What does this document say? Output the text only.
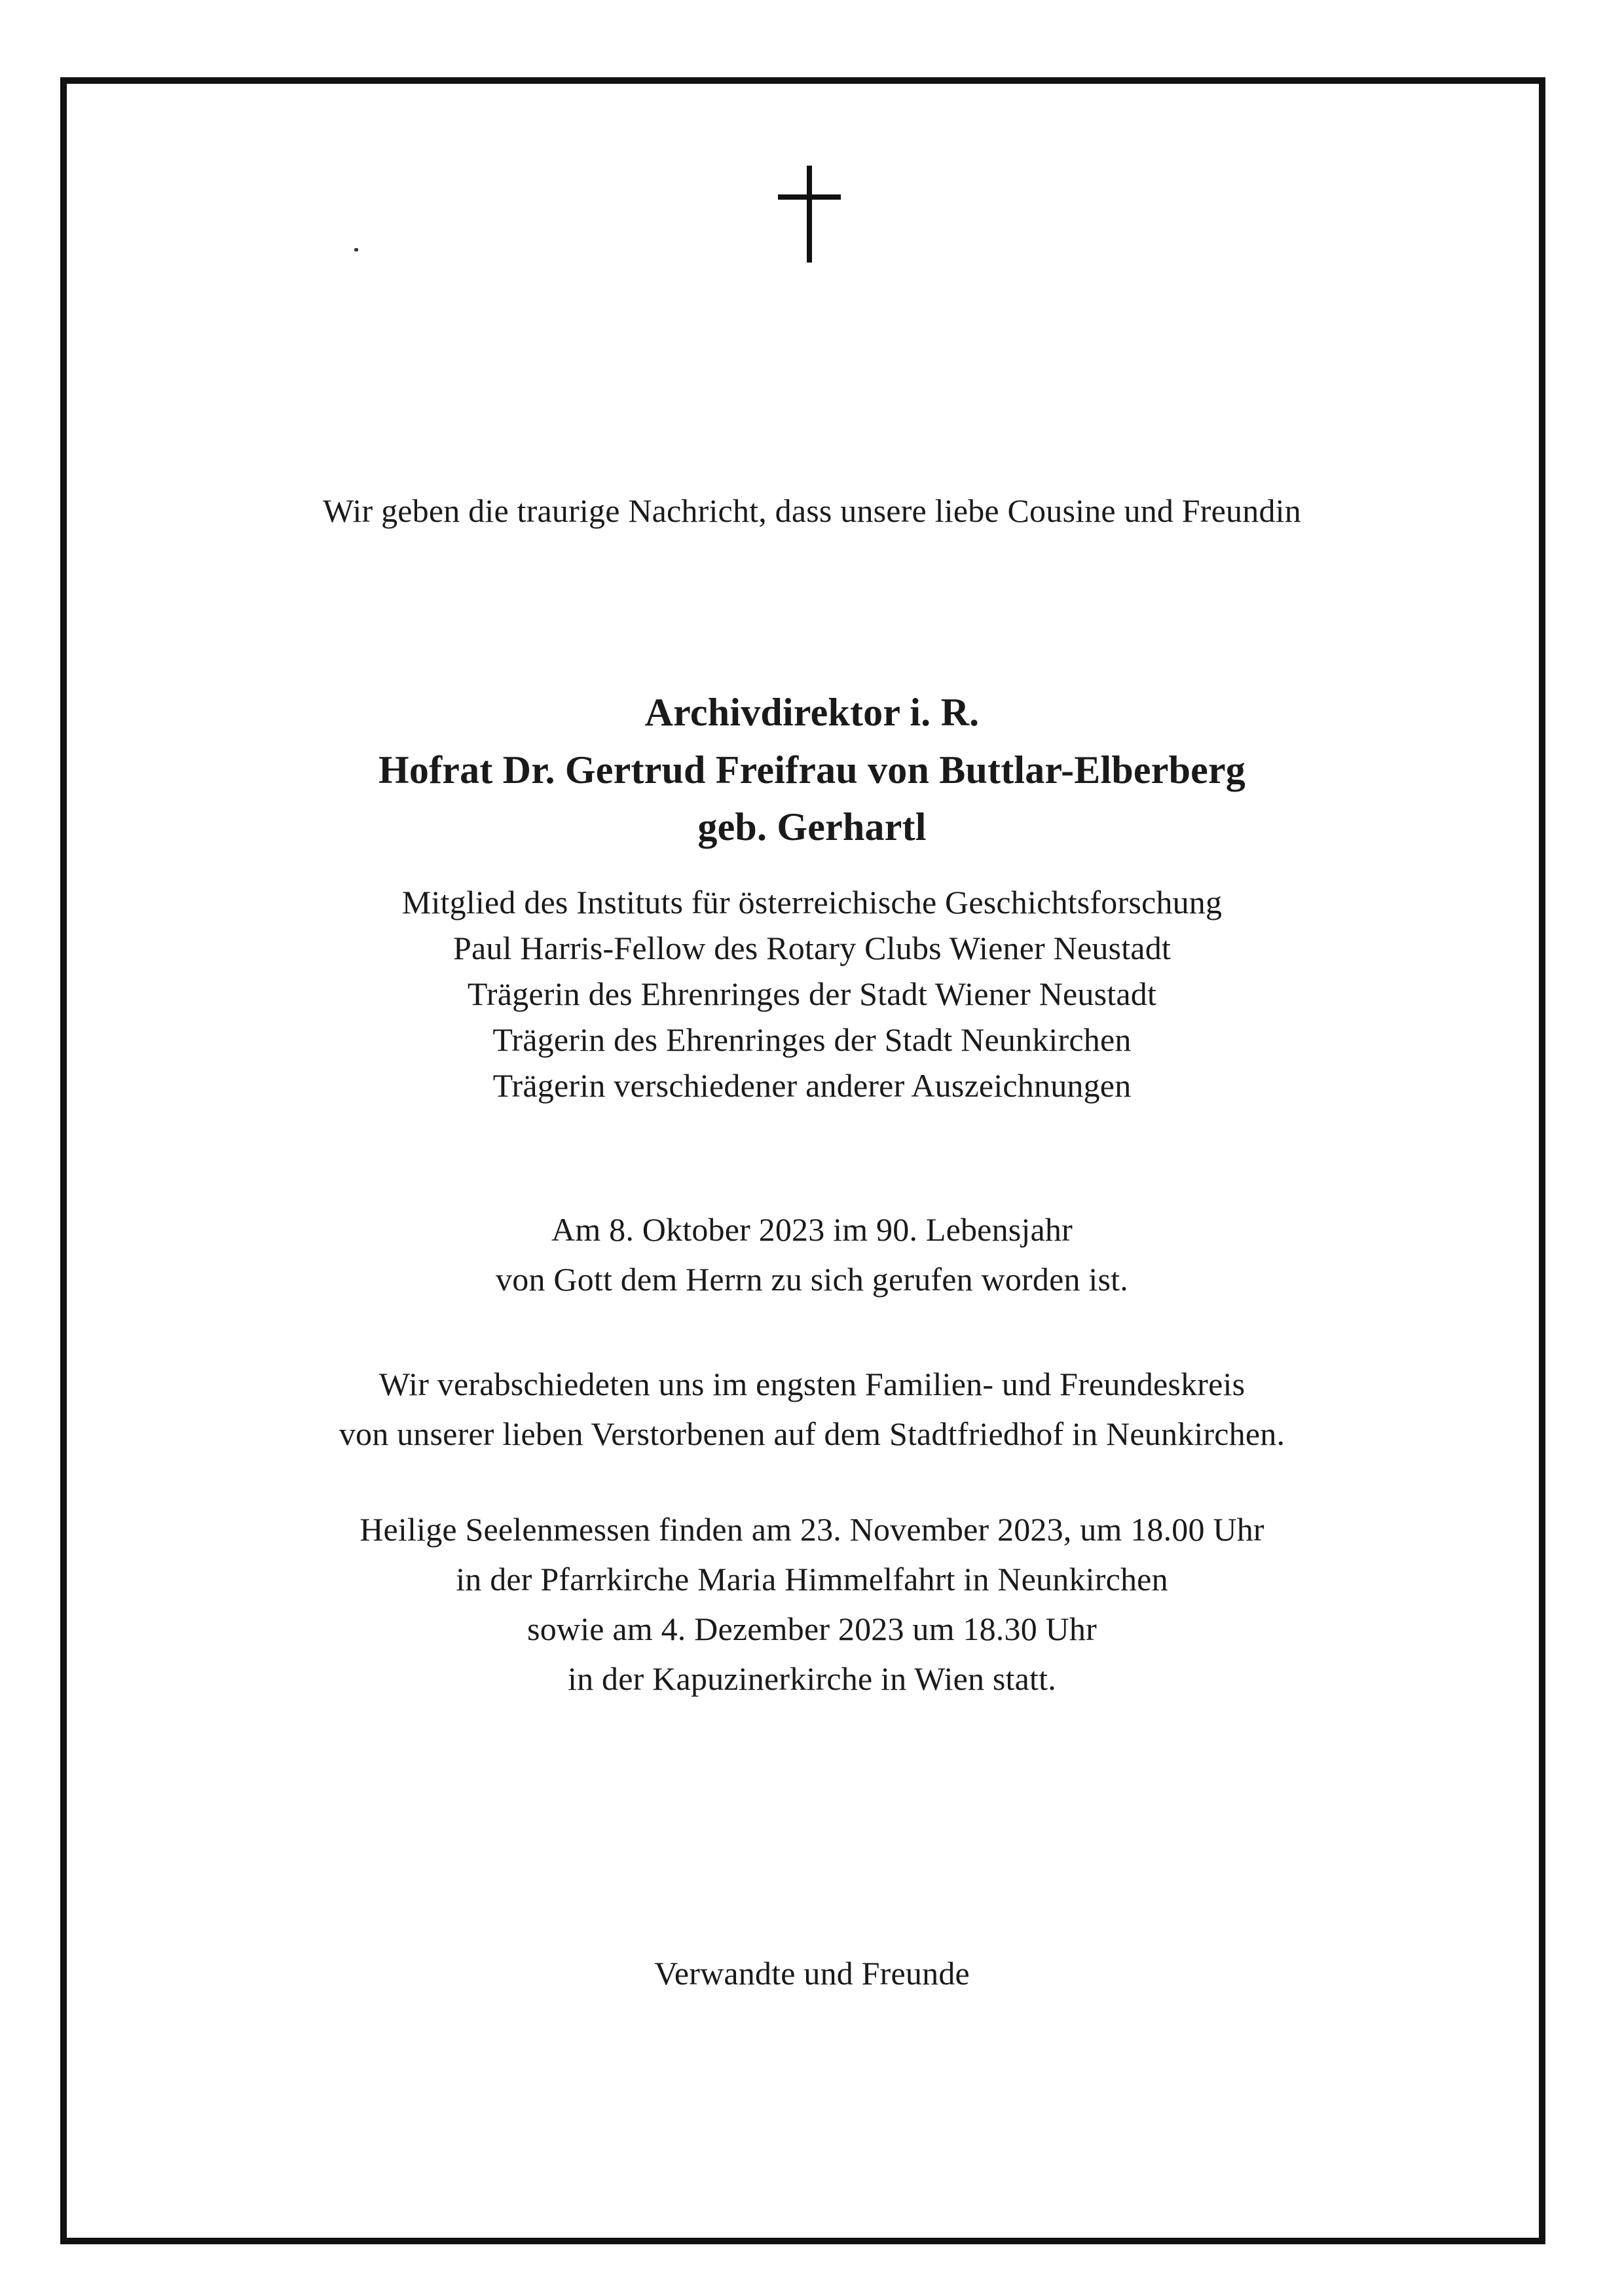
Wir geben die traurige Nachricht, dass unsere liebe Cousine und Freundin
Archivdirektor i. R.
Hofrat Dr. Gertrud Freifrau von Buttlar-Elberberg
geb. Gerhartl
Mitglied des Instituts für österreichische Geschichtsforschung
Paul Harris-Fellow des Rotary Clubs Wiener Neustadt
Trägerin des Ehrenringes der Stadt Wiener Neustadt
Trägerin des Ehrenringes der Stadt Neunkirchen
Trägerin verschiedener anderer Auszeichnungen
Am 8. Oktober 2023 im 90. Lebensjahr
von Gott dem Herrn zu sich gerufen worden ist.
Wir verabschiedeten uns im engsten Familien- und Freundeskreis
von unserer lieben Verstorbenen auf dem Stadtfriedhof in Neunkirchen.
Heilige Seelenmessen finden am 23. November 2023, um 18.00 Uhr
in der Pfarrkirche Maria Himmelfahrt in Neunkirchen
sowie am 4. Dezember 2023 um 18.30 Uhr
in der Kapuzinerkirche in Wien statt.
Verwandte und Freunde
